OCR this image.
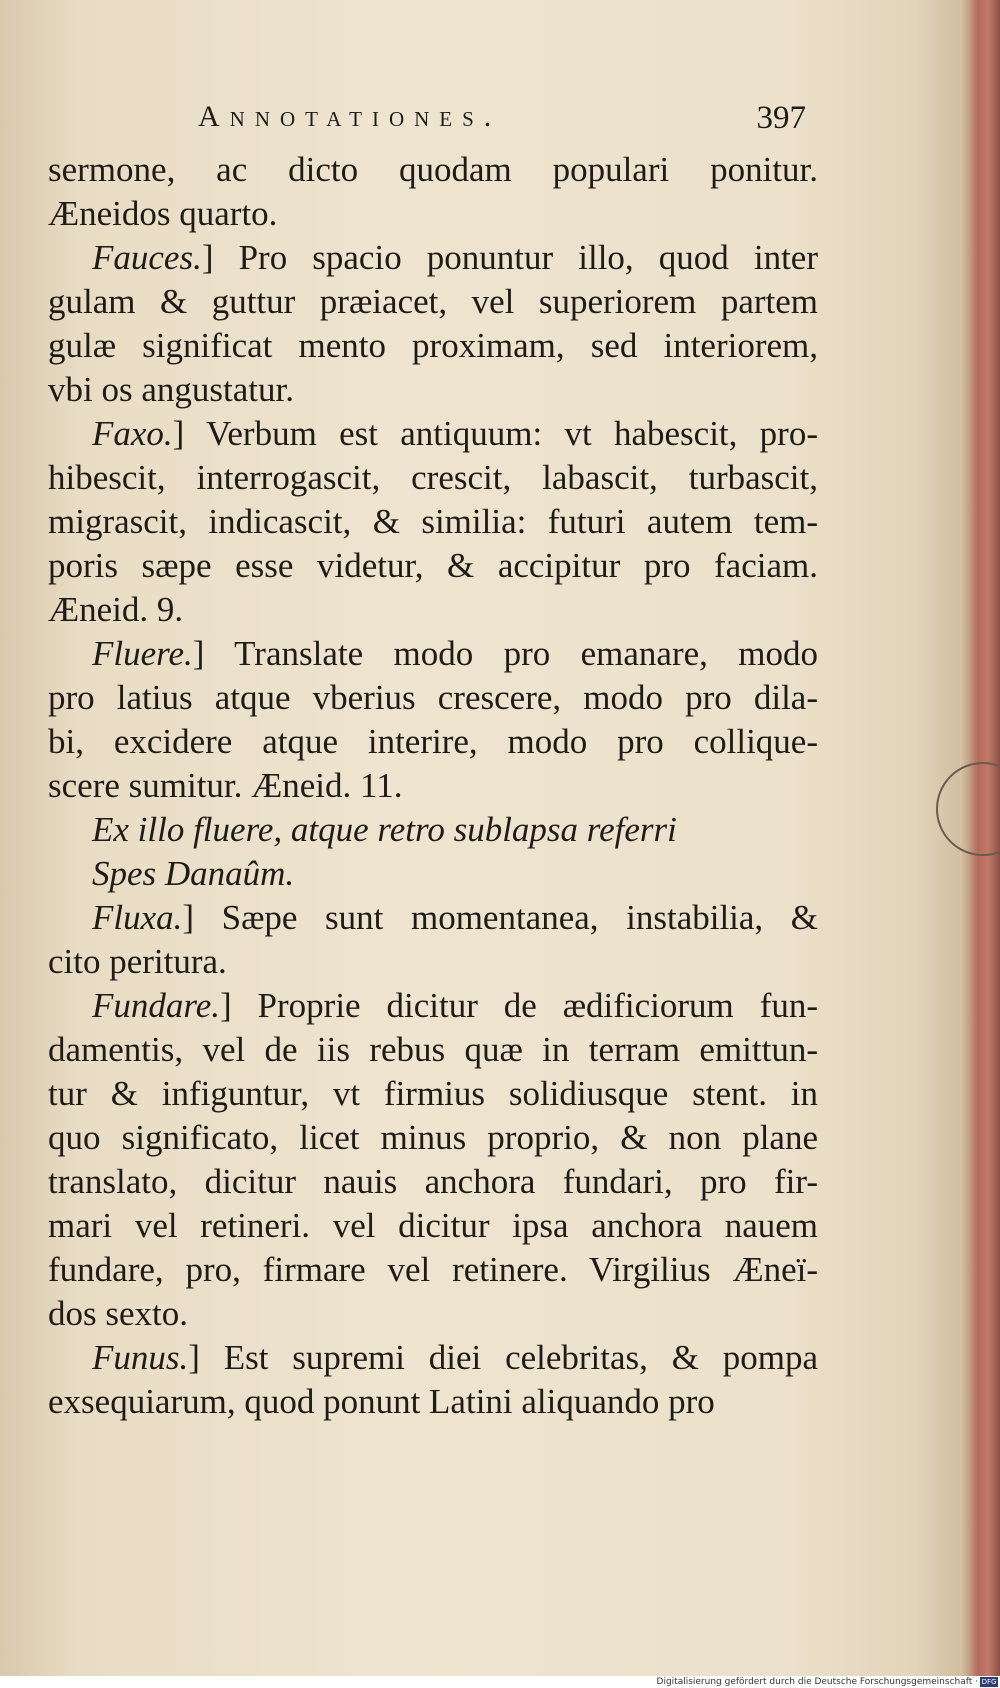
Annotationes.	397
sermone, ac dicto quodam populari ponitur.
Æneidos quarto.
Fauces.] Pro spacio ponuntur illo, quod inter
gulam & guttur præiacet, vel superiorem partem
gulæ significat mento proximam, sed interiorem,
vbi os angustatur.
Faxo.] Verbum est antiquum: vt habescit, pro-
hibescit, interrogascit, crescit, labascit, turbascit,
migrascit, indicascit, & similia: futuri autem tem-
poris sæpe esse videtur, & accipitur pro faciam.
Æneid. 9.
Fluere.] Translate modo pro emanare, modo
pro latius atque vberius crescere, modo pro dila-
bi, excidere atque interire, modo pro collique-
scere sumitur. Æneid. 11.
Ex illo fluere, atque retro sublapsa referri
Spes Danaûm.
Fluxa.] Sæpe sunt momentanea, instabilia, &
cito peritura.
Fundare.] Proprie dicitur de ædificiorum fun-
damentis, vel de iis rebus quæ in terram emittun-
tur & infiguntur, vt firmius solidiusque stent. in
quo significato, licet minus proprio, & non plane
translato, dicitur nauis anchora fundari, pro fir-
mari vel retineri. vel dicitur ipsa anchora nauem
fundare, pro, firmare vel retinere. Virgilius Æneï-
dos sexto.
Funus.] Est supremi diei celebritas, & pompa
exsequiarum, quod ponunt Latini aliquando pro
Digitalisierung gefördert durch die Deutsche Forschungsgemeinschaft · DFG
